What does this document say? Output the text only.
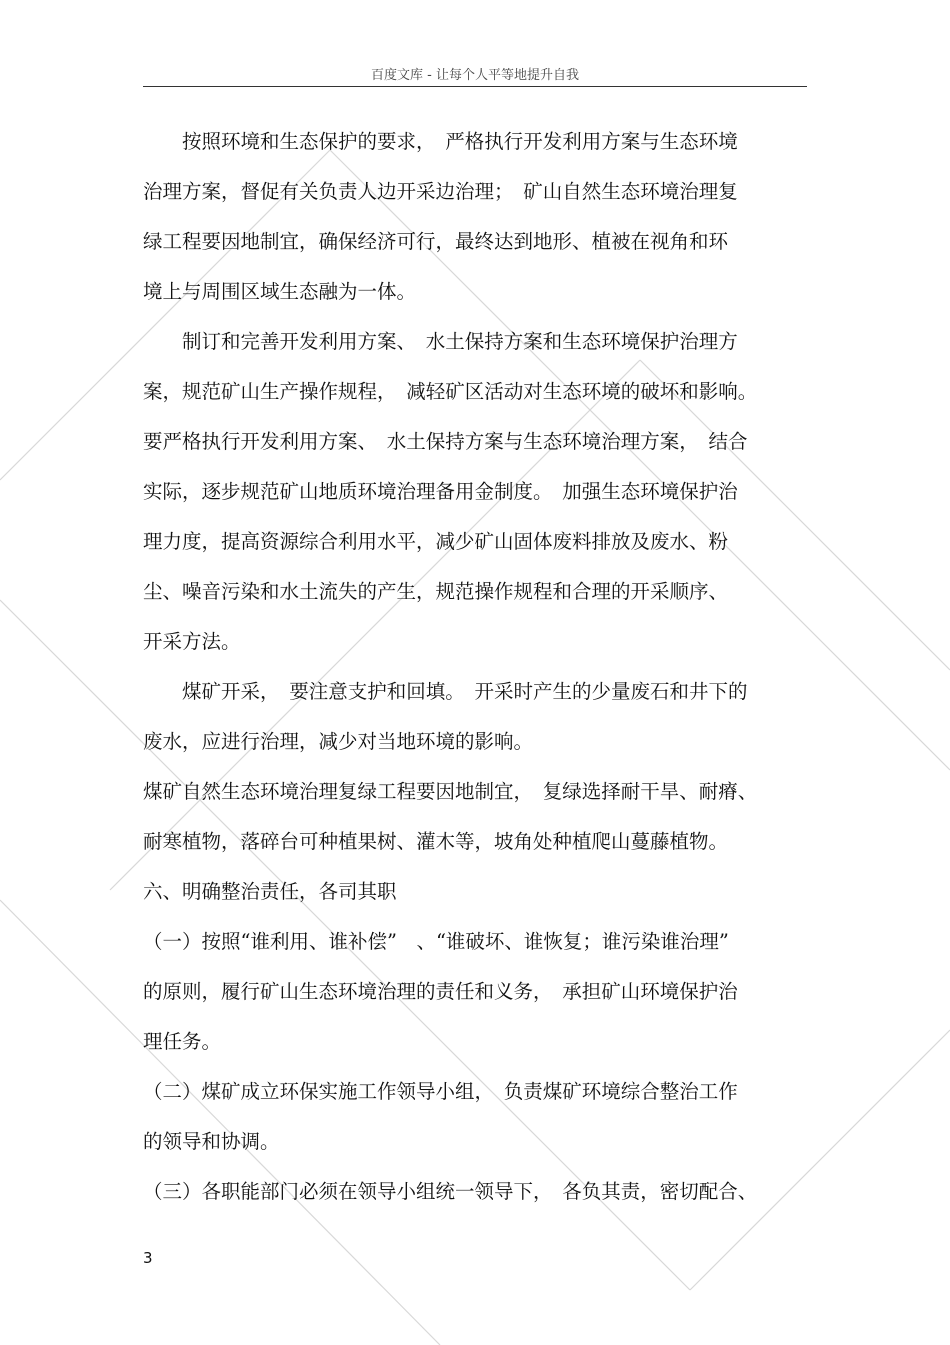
百度文库 - 让每个人平等地提升自我
　　按照环境和生态保护的要求，　严格执行开发利用方案与生态环境
治理方案，督促有关负责人边开采边治理；　矿山自然生态环境治理复
绿工程要因地制宜，确保经济可行，最终达到地形、植被在视角和环
境上与周围区域生态融为一体。
　　制订和完善开发利用方案、　水土保持方案和生态环境保护治理方
案，规范矿山生产操作规程，　减轻矿区活动对生态环境的破坏和影响。
要严格执行开发利用方案、　水土保持方案与生态环境治理方案，　结合
实际，逐步规范矿山地质环境治理备用金制度。　加强生态环境保护治
理力度，提高资源综合利用水平，减少矿山固体废料排放及废水、粉
尘、噪音污染和水土流失的产生，规范操作规程和合理的开采顺序、
开采方法。
　　煤矿开采，　要注意支护和回填。　开采时产生的少量废石和井下的
废水，应进行治理，减少对当地环境的影响。
煤矿自然生态环境治理复绿工程要因地制宜，　复绿选择耐干旱、耐瘠、
耐寒植物，落碎台可种植果树、灌木等，坡角处种植爬山蔓藤植物。
六、明确整治责任，各司其职
（一）按照“谁利用、谁补偿”　、“谁破坏、谁恢复；谁污染谁治理”
的原则，履行矿山生态环境治理的责任和义务，　承担矿山环境保护治
理任务。
（二）煤矿成立环保实施工作领导小组，　负责煤矿环境综合整治工作
的领导和协调。
（三）各职能部门必须在领导小组统一领导下，　各负其责，密切配合、
3
